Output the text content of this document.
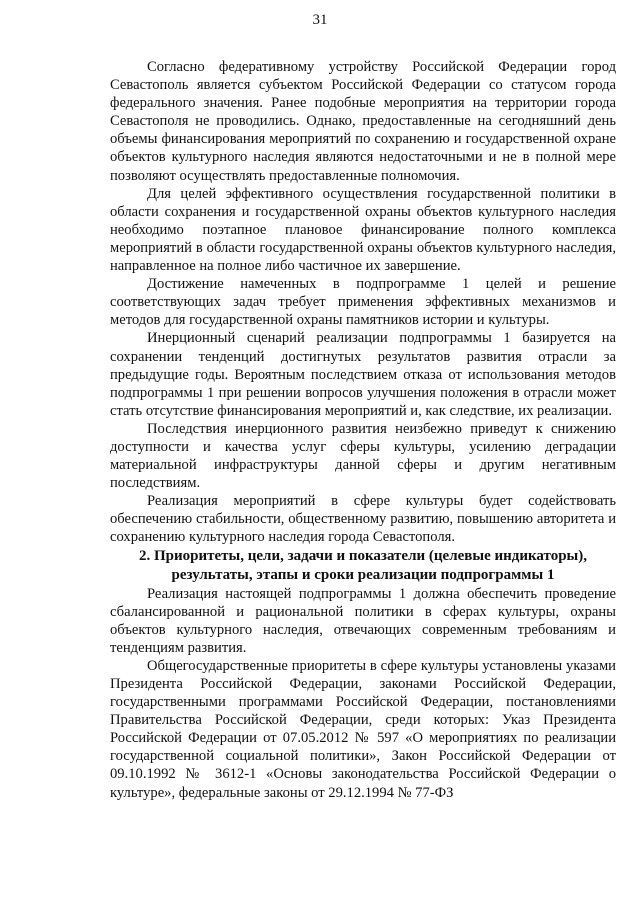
31

Согласно федеративному устройству Российской Федерации город Севастополь является субъектом Российской Федерации со статусом города федерального значения. Ранее подобные мероприятия на территории города Севастополя не проводились. Однако, предоставленные на сегодняшний день объемы финансирования мероприятий по сохранению и государственной охране объектов культурного наследия являются недостаточными и не в полной мере позволяют осуществлять предоставленные полномочия.

Для целей эффективного осуществления государственной политики в области сохранения и государственной охраны объектов культурного наследия необходимо поэтапное плановое финансирование полного комплекса мероприятий в области государственной охраны объектов культурного наследия, направленное на полное либо частичное их завершение.

Достижение намеченных в подпрограмме 1 целей и решение соответствующих задач требует применения эффективных механизмов и методов для государственной охраны памятников истории и культуры.

Инерционный сценарий реализации подпрограммы 1 базируется на сохранении тенденций достигнутых результатов развития отрасли за предыдущие годы. Вероятным последствием отказа от использования методов подпрограммы 1 при решении вопросов улучшения положения в отрасли может стать отсутствие финансирования мероприятий и, как следствие, их реализации.

Последствия инерционного развития неизбежно приведут к снижению доступности и качества услуг сферы культуры, усилению деградации материальной инфраструктуры данной сферы и другим негативным последствиям.

Реализация мероприятий в сфере культуры будет содействовать обеспечению стабильности, общественному развитию, повышению авторитета и сохранению культурного наследия города Севастополя.

2. Приоритеты, цели, задачи и показатели (целевые индикаторы),
результаты, этапы и сроки реализации подпрограммы 1

Реализация настоящей подпрограммы 1 должна обеспечить проведение сбалансированной и рациональной политики в сферах культуры, охраны объектов культурного наследия, отвечающих современным требованиям и тенденциям развития.

Общегосударственные приоритеты в сфере культуры установлены указами Президента Российской Федерации, законами Российской Федерации, государственными программами Российской Федерации, постановлениями Правительства Российской Федерации, среди которых: Указ Президента Российской Федерации от 07.05.2012 № 597 «О мероприятиях по реализации государственной социальной политики», Закон Российской Федерации от 09.10.1992 № 3612-1 «Основы законодательства Российской Федерации о культуре», федеральные законы от 29.12.1994 № 77-ФЗ
